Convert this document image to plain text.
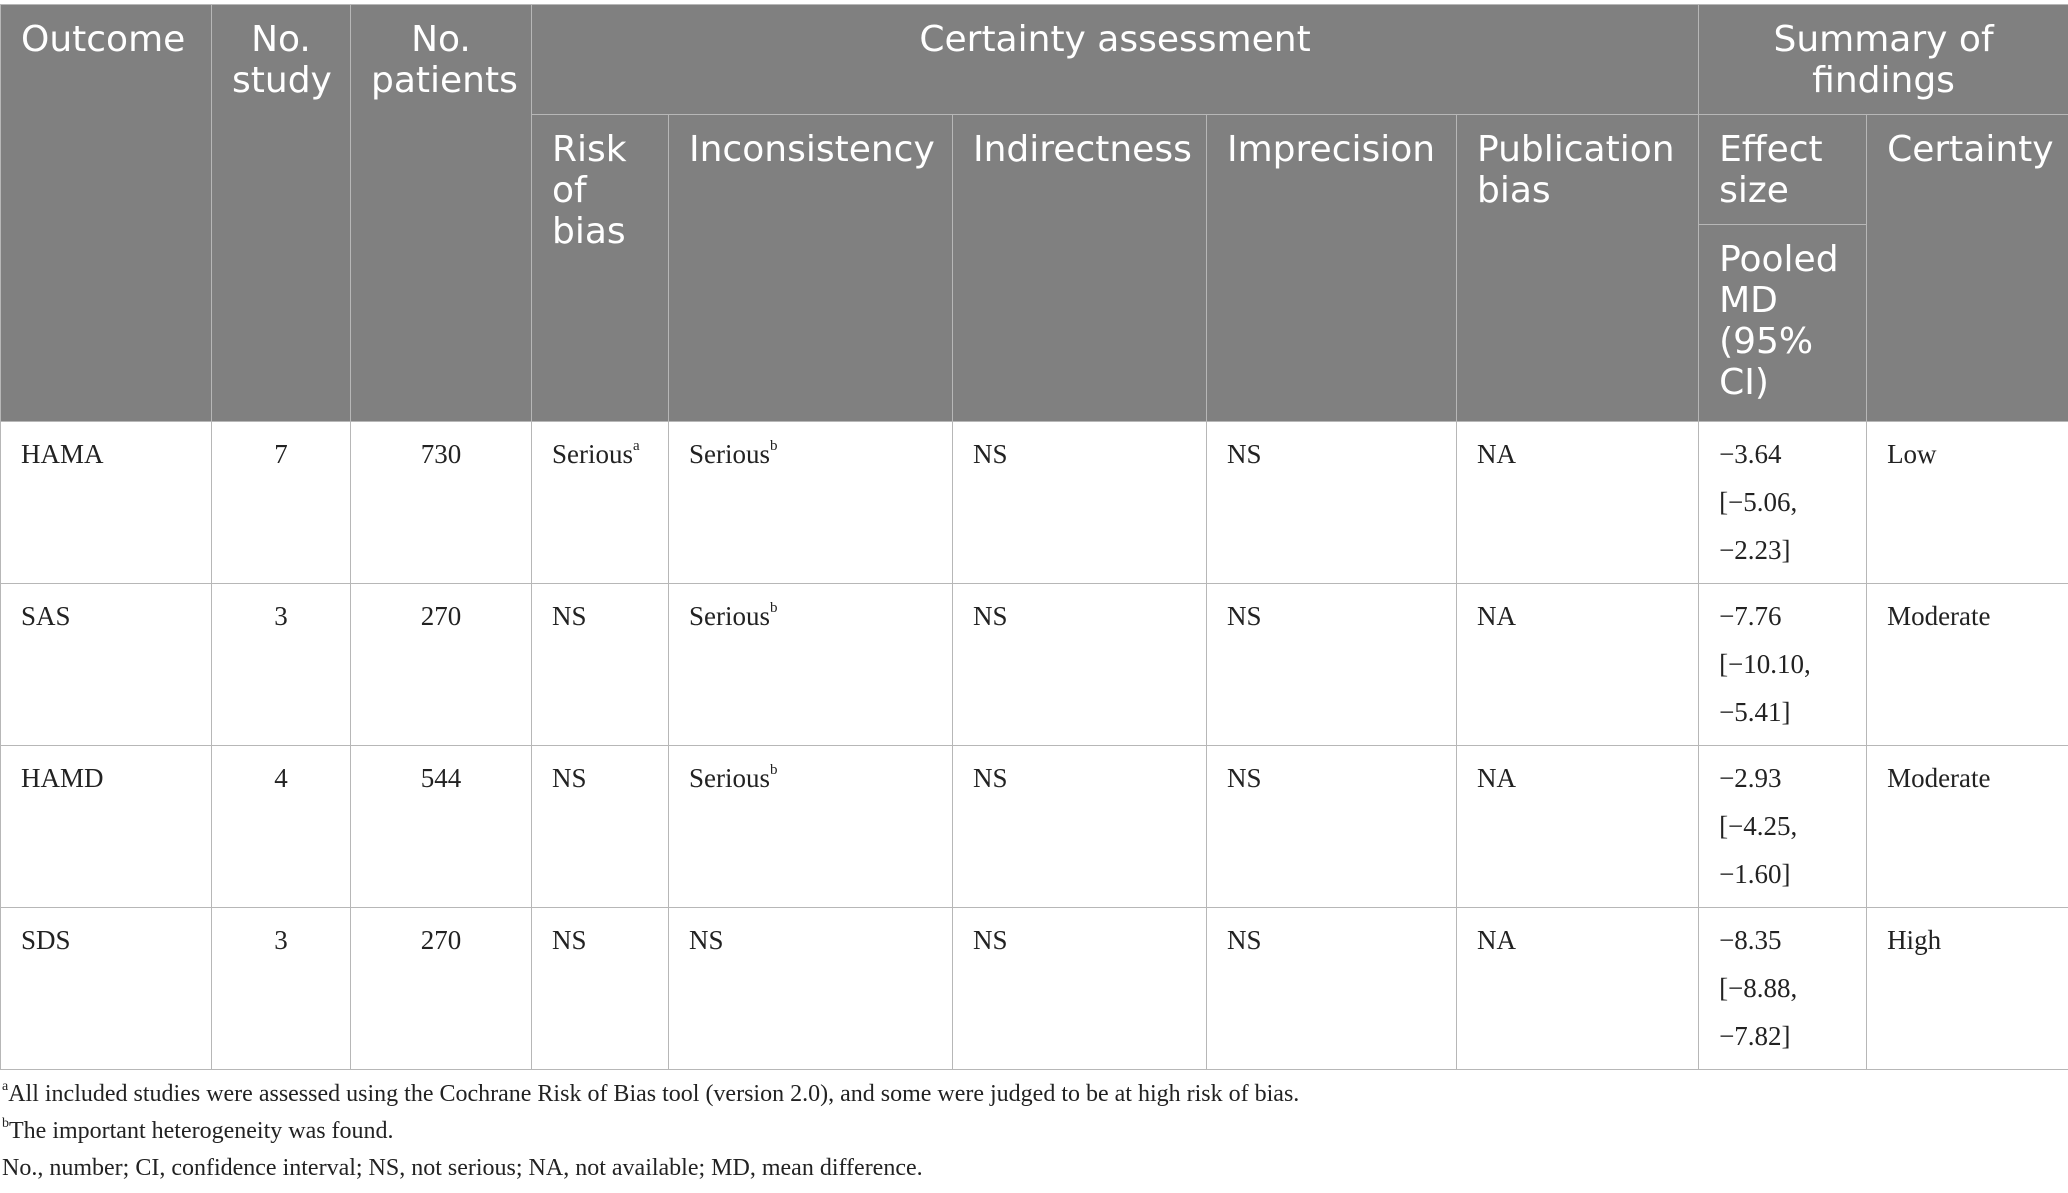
Outcome	No. study	No. patients	Certainty assessment					Summary of findings	
			Risk of bias	Inconsistency	Indirectness	Imprecision	Publication bias	Effect size	Certainty
								Pooled MD (95% CI)	
HAMA	7	730	Serious$^a$	Serious$^b$	NS	NS	NA	−3.64
[−5.06,
−2.23]	Low
SAS	3	270	NS	Serious$^b$	NS	NS	NA	−7.76
[−10.10,
−5.41]	Moderate
HAMD	4	544	NS	Serious$^b$	NS	NS	NA	−2.93
[−4.25,
−1.60]	Moderate
SDS	3	270	NS	NS	NS	NS	NA	−8.35
[−8.88,
−7.82]	High
$^a$All included studies were assessed using the Cochrane Risk of Bias tool (version 2.0), and some were judged to be at high risk of bias.
$^b$The important heterogeneity was found.
No., number; CI, confidence interval; NS, not serious; NA, not available; MD, mean difference.
